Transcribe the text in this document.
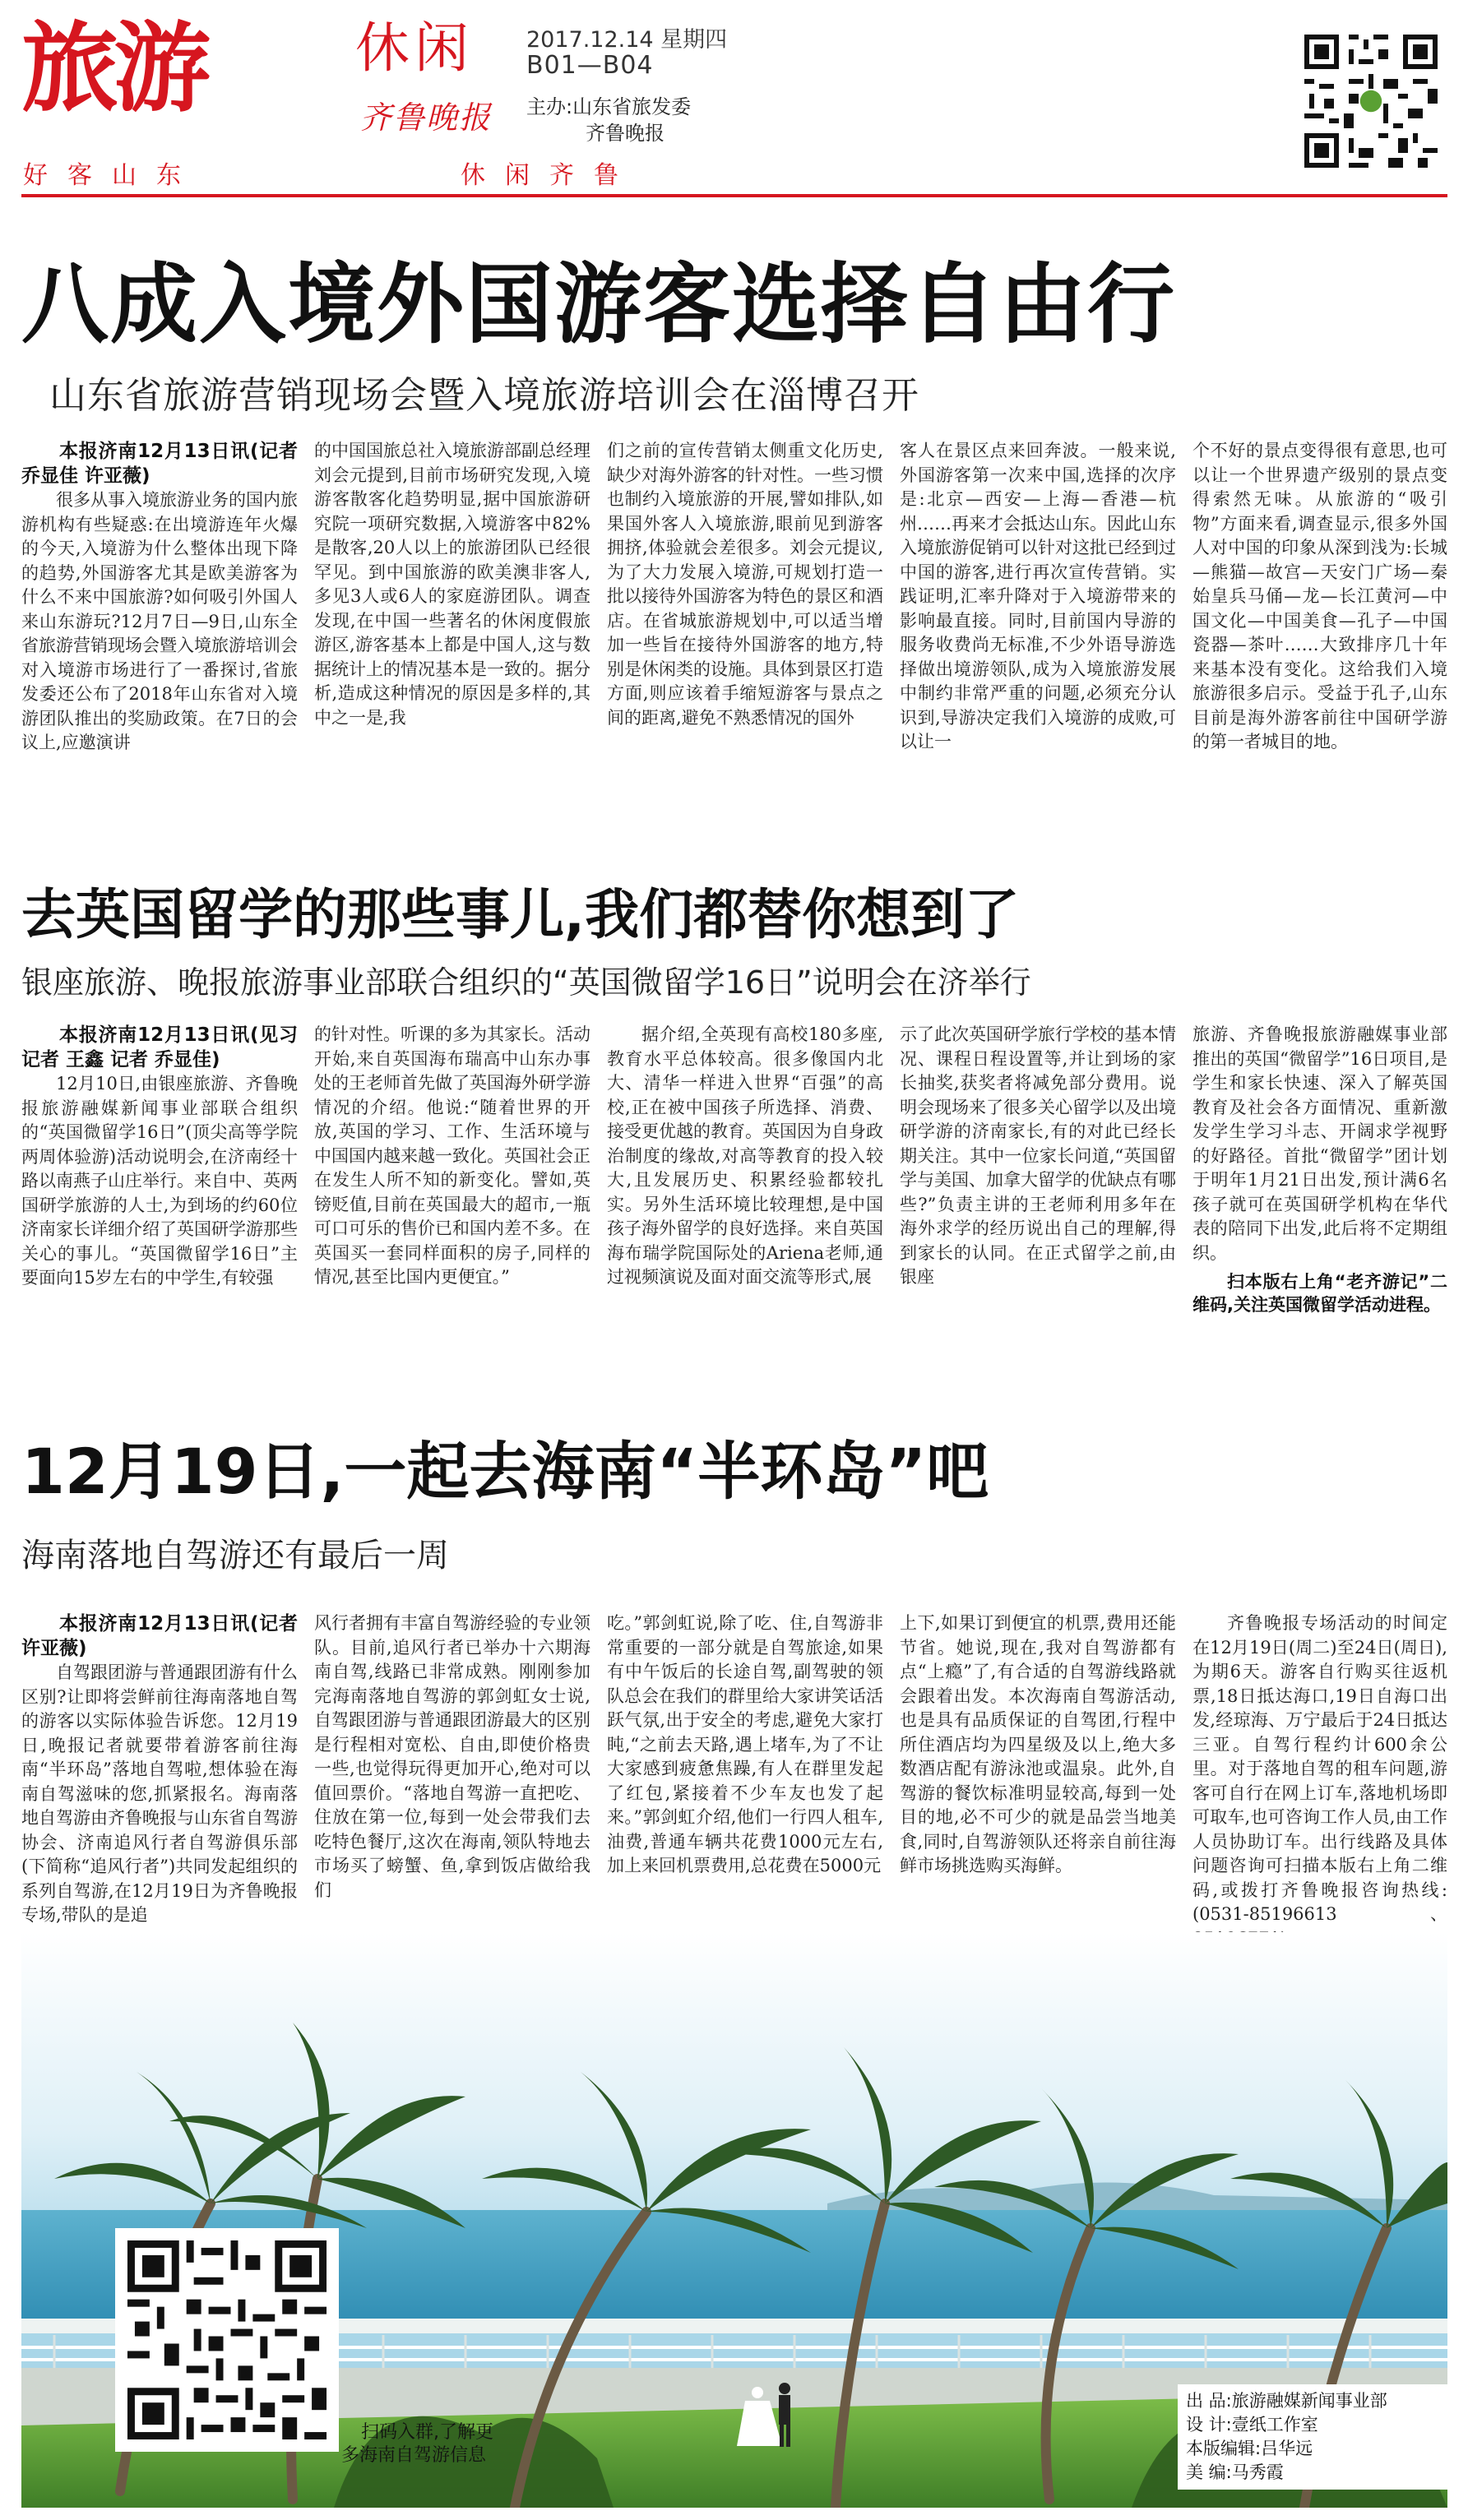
旅游	休闲
齐鲁晚报
2017.12.14 星期四
B01—B04
主办:山东省旅发委
齐鲁晚报
好客山东	休闲齐鲁
八成入境外国游客选择自由行
山东省旅游营销现场会暨入境旅游培训会在淄博召开
本报济南12月13日讯(记者 乔显佳 许亚薇)

很多从事入境旅游业务的国内旅游机构有些疑惑:在出境游连年火爆的今天,入境游为什么整体出现下降的趋势,外国游客尤其是欧美游客为什么不来中国旅游?如何吸引外国人来山东游玩?12月7日—9日,山东全省旅游营销现场会暨入境旅游培训会对入境游市场进行了一番探讨,省旅发委还公布了2018年山东省对入境游团队推出的奖励政策。在7日的会议上,应邀演讲

的中国国旅总社入境旅游部副总经理刘会元提到,目前市场研究发现,入境游客散客化趋势明显,据中国旅游研究院一项研究数据,入境游客中82%是散客,20人以上的旅游团队已经很罕见。到中国旅游的欧美澳非客人,多见3人或6人的家庭游团队。调查发现,在中国一些著名的休闲度假旅游区,游客基本上都是中国人,这与数据统计上的情况基本是一致的。据分析,造成这种情况的原因是多样的,其中之一是,我

们之前的宣传营销太侧重文化历史,缺少对海外游客的针对性。一些习惯也制约入境旅游的开展,譬如排队,如果国外客人入境旅游,眼前见到游客拥挤,体验就会差很多。刘会元提议,为了大力发展入境游,可规划打造一批以接待外国游客为特色的景区和酒店。在省城旅游规划中,可以适当增加一些旨在接待外国游客的地方,特别是休闲类的设施。具体到景区打造方面,则应该着手缩短游客与景点之间的距离,避免不熟悉情况的国外

客人在景区点来回奔波。一般来说,外国游客第一次来中国,选择的次序是:北京—西安—上海—香港—杭州……再来才会抵达山东。因此山东入境旅游促销可以针对这批已经到过中国的游客,进行再次宣传营销。实践证明,汇率升降对于入境游带来的影响最直接。同时,目前国内导游的服务收费尚无标准,不少外语导游选择做出境游领队,成为入境旅游发展中制约非常严重的问题,必须充分认识到,导游决定我们入境游的成败,可以让一

个不好的景点变得很有意思,也可以让一个世界遗产级别的景点变得索然无味。从旅游的“吸引物”方面来看,调查显示,很多外国人对中国的印象从深到浅为:长城—熊猫—故宫—天安门广场—秦始皇兵马俑—龙—长江黄河—中国文化—中国美食—孔子—中国瓷器—茶叶……大致排序几十年来基本没有变化。这给我们入境旅游很多启示。受益于孔子,山东目前是海外游客前往中国研学游的第一者城目的地。

去英国留学的那些事儿,我们都替你想到了
银座旅游、晚报旅游事业部联合组织的“英国微留学16日”说明会在济举行
本报济南12月13日讯(见习记者 王鑫 记者 乔显佳)

12月10日,由银座旅游、齐鲁晚报旅游融媒新闻事业部联合组织的“英国微留学16日”(顶尖高等学院两周体验游)活动说明会,在济南经十路以南燕子山庄举行。来自中、英两国研学旅游的人士,为到场的约60位济南家长详细介绍了英国研学游那些关心的事儿。“英国微留学16日”主要面向15岁左右的中学生,有较强

的针对性。听课的多为其家长。活动开始,来自英国海布瑞高中山东办事处的王老师首先做了英国海外研学游情况的介绍。他说:“随着世界的开放,英国的学习、工作、生活环境与中国国内越来越一致化。英国社会正在发生人所不知的新变化。譬如,英镑贬值,目前在英国最大的超市,一瓶可口可乐的售价已和国内差不多。在英国买一套同样面积的房子,同样的情况,甚至比国内更便宜。”

据介绍,全英现有高校180多座,教育水平总体较高。很多像国内北大、清华一样进入世界“百强”的高校,正在被中国孩子所选择、消费、接受更优越的教育。英国因为自身政治制度的缘故,对高等教育的投入较大,且发展历史、积累经验都较扎实。另外生活环境比较理想,是中国孩子海外留学的良好选择。来自英国海布瑞学院国际处的Ariena老师,通过视频演说及面对面交流等形式,展

示了此次英国研学旅行学校的基本情况、课程日程设置等,并让到场的家长抽奖,获奖者将减免部分费用。说明会现场来了很多关心留学以及出境研学游的济南家长,有的对此已经长期关注。其中一位家长问道,“英国留学与美国、加拿大留学的优缺点有哪些?”负责主讲的王老师利用多年在海外求学的经历说出自己的理解,得到家长的认同。在正式留学之前,由银座

旅游、齐鲁晚报旅游融媒事业部推出的英国“微留学”16日项目,是学生和家长快速、深入了解英国教育及社会各方面情况、重新激发学生学习斗志、开阔求学视野的好路径。首批“微留学”团计划于明年1月21日出发,预计满6名孩子就可在英国研学机构在华代表的陪同下出发,此后将不定期组织。

扫本版右上角“老齐游记”二维码,关注英国微留学活动进程。
12月19日,一起去海南“半环岛”吧
海南落地自驾游还有最后一周
本报济南12月13日讯(记者 许亚薇)

自驾跟团游与普通跟团游有什么区别?让即将尝鲜前往海南落地自驾的游客以实际体验告诉您。12月19日,晚报记者就要带着游客前往海南“半环岛”落地自驾啦,想体验在海南自驾滋味的您,抓紧报名。海南落地自驾游由齐鲁晚报与山东省自驾游协会、济南追风行者自驾游俱乐部(下简称“追风行者”)共同发起组织的系列自驾游,在12月19日为齐鲁晚报专场,带队的是追

风行者拥有丰富自驾游经验的专业领队。目前,追风行者已举办十六期海南自驾,线路已非常成熟。刚刚参加完海南落地自驾游的郭剑虹女士说,自驾跟团游与普通跟团游最大的区别是行程相对宽松、自由,即使价格贵一些,也觉得玩得更加开心,绝对可以值回票价。“落地自驾游一直把吃、住放在第一位,每到一处会带我们去吃特色餐厅,这次在海南,领队特地去市场买了螃蟹、鱼,拿到饭店做给我们

吃。”郭剑虹说,除了吃、住,自驾游非常重要的一部分就是自驾旅途,如果有中午饭后的长途自驾,副驾驶的领队总会在我们的群里给大家讲笑话活跃气氛,出于安全的考虑,避免大家打盹,“之前去天路,遇上堵车,为了不让大家感到疲惫焦躁,有人在群里发起了红包,紧接着不少车友也发了起来。”郭剑虹介绍,他们一行四人租车,油费,普通车辆共花费1000元左右,加上来回机票费用,总花费在5000元

上下,如果订到便宜的机票,费用还能节省。她说,现在,我对自驾游都有点“上瘾”了,有合适的自驾游线路就会跟着出发。本次海南自驾游活动,也是具有品质保证的自驾团,行程中所住酒店均为四星级及以上,绝大多数酒店配有游泳池或温泉。此外,自驾游的餐饮标准明显较高,每到一处目的地,必不可少的就是品尝当地美食,同时,自驾游领队还将亲自前往海鲜市场挑选购买海鲜。

齐鲁晚报专场活动的时间定在12月19日(周二)至24日(周日),为期6天。游客自行购买往返机票,18日抵达海口,19日自海口出发,经琼海、万宁最后于24日抵达三亚。自驾行程约计600余公里。对于落地自驾的租车问题,游客可自行在网上订车,落地机场即可取车,也可咨询工作人员,由工作人员协助订车。出行线路及具体问题咨询可扫描本版右上角二维码,或拨打齐鲁晚报咨询热线:(0531-85196613、

扫码入群,了解更
多海南自驾游信息
出 品:旅游融媒新闻事业部
设 计:壹纸工作室
本版编辑:吕华远
美 编:马秀霞
